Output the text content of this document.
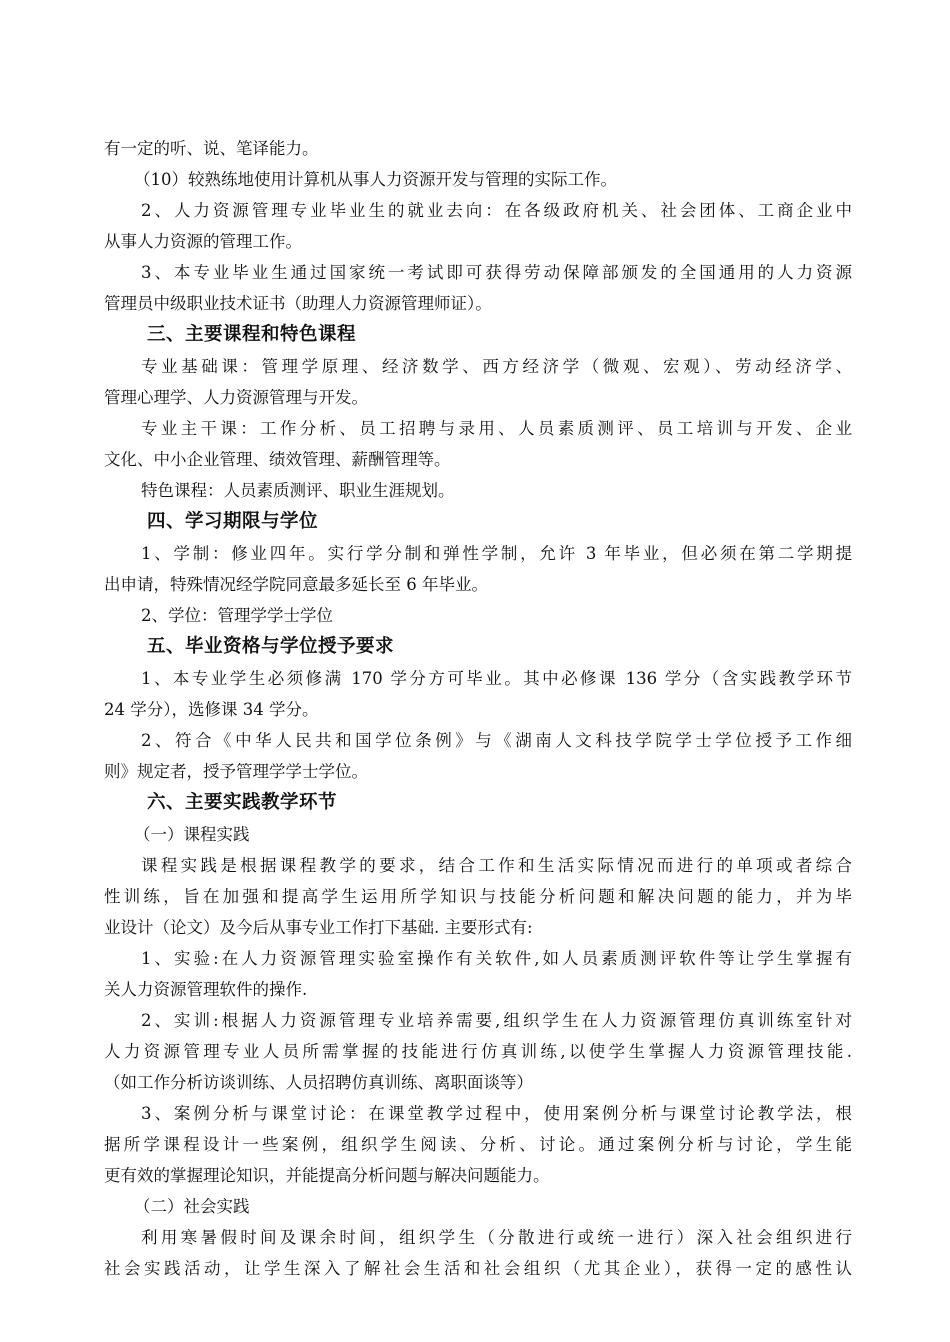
有一定的听、说、笔译能力。
（10）较熟练地使用计算机从事人力资源开发与管理的实际工作。
2、人力资源管理专业毕业生的就业去向：在各级政府机关、社会团体、工商企业中
从事人力资源的管理工作。
3、本专业毕业生通过国家统一考试即可获得劳动保障部颁发的全国通用的人力资源
管理员中级职业技术证书（助理人力资源管理师证）。
三、主要课程和特色课程
专业基础课：管理学原理、经济数学、西方经济学（微观、宏观）、劳动经济学、
管理心理学、人力资源管理与开发。
专业主干课：工作分析、员工招聘与录用、人员素质测评、员工培训与开发、企业
文化、中小企业管理、绩效管理、薪酬管理等。
特色课程：人员素质测评、职业生涯规划。
四、学习期限与学位
1、学制：修业四年。实行学分制和弹性学制，允许 3 年毕业，但必须在第二学期提
出申请，特殊情况经学院同意最多延长至 6 年毕业。
2、学位：管理学学士学位
五、毕业资格与学位授予要求
1、本专业学生必须修满 170 学分方可毕业。其中必修课 136 学分（含实践教学环节
24 学分），选修课 34 学分。
2、符合《中华人民共和国学位条例》与《湖南人文科技学院学士学位授予工作细
则》规定者，授予管理学学士学位。
六、主要实践教学环节
（一）课程实践
课程实践是根据课程教学的要求，结合工作和生活实际情况而进行的单项或者综合
性训练，旨在加强和提高学生运用所学知识与技能分析问题和解决问题的能力，并为毕
业设计（论文）及今后从事专业工作打下基础. 主要形式有:
1、实验:在人力资源管理实验室操作有关软件,如人员素质测评软件等让学生掌握有
关人力资源管理软件的操作.
2、实训:根据人力资源管理专业培养需要,组织学生在人力资源管理仿真训练室针对
人力资源管理专业人员所需掌握的技能进行仿真训练,以使学生掌握人力资源管理技能.
（如工作分析访谈训练、人员招聘仿真训练、离职面谈等）
3、案例分析与课堂讨论：在课堂教学过程中，使用案例分析与课堂讨论教学法，根
据所学课程设计一些案例，组织学生阅读、分析、讨论。通过案例分析与讨论，学生能
更有效的掌握理论知识，并能提高分析问题与解决问题能力。
（二）社会实践
利用寒暑假时间及课余时间，组织学生（分散进行或统一进行）深入社会组织进行
社会实践活动，让学生深入了解社会生活和社会组织（尤其企业），获得一定的感性认
